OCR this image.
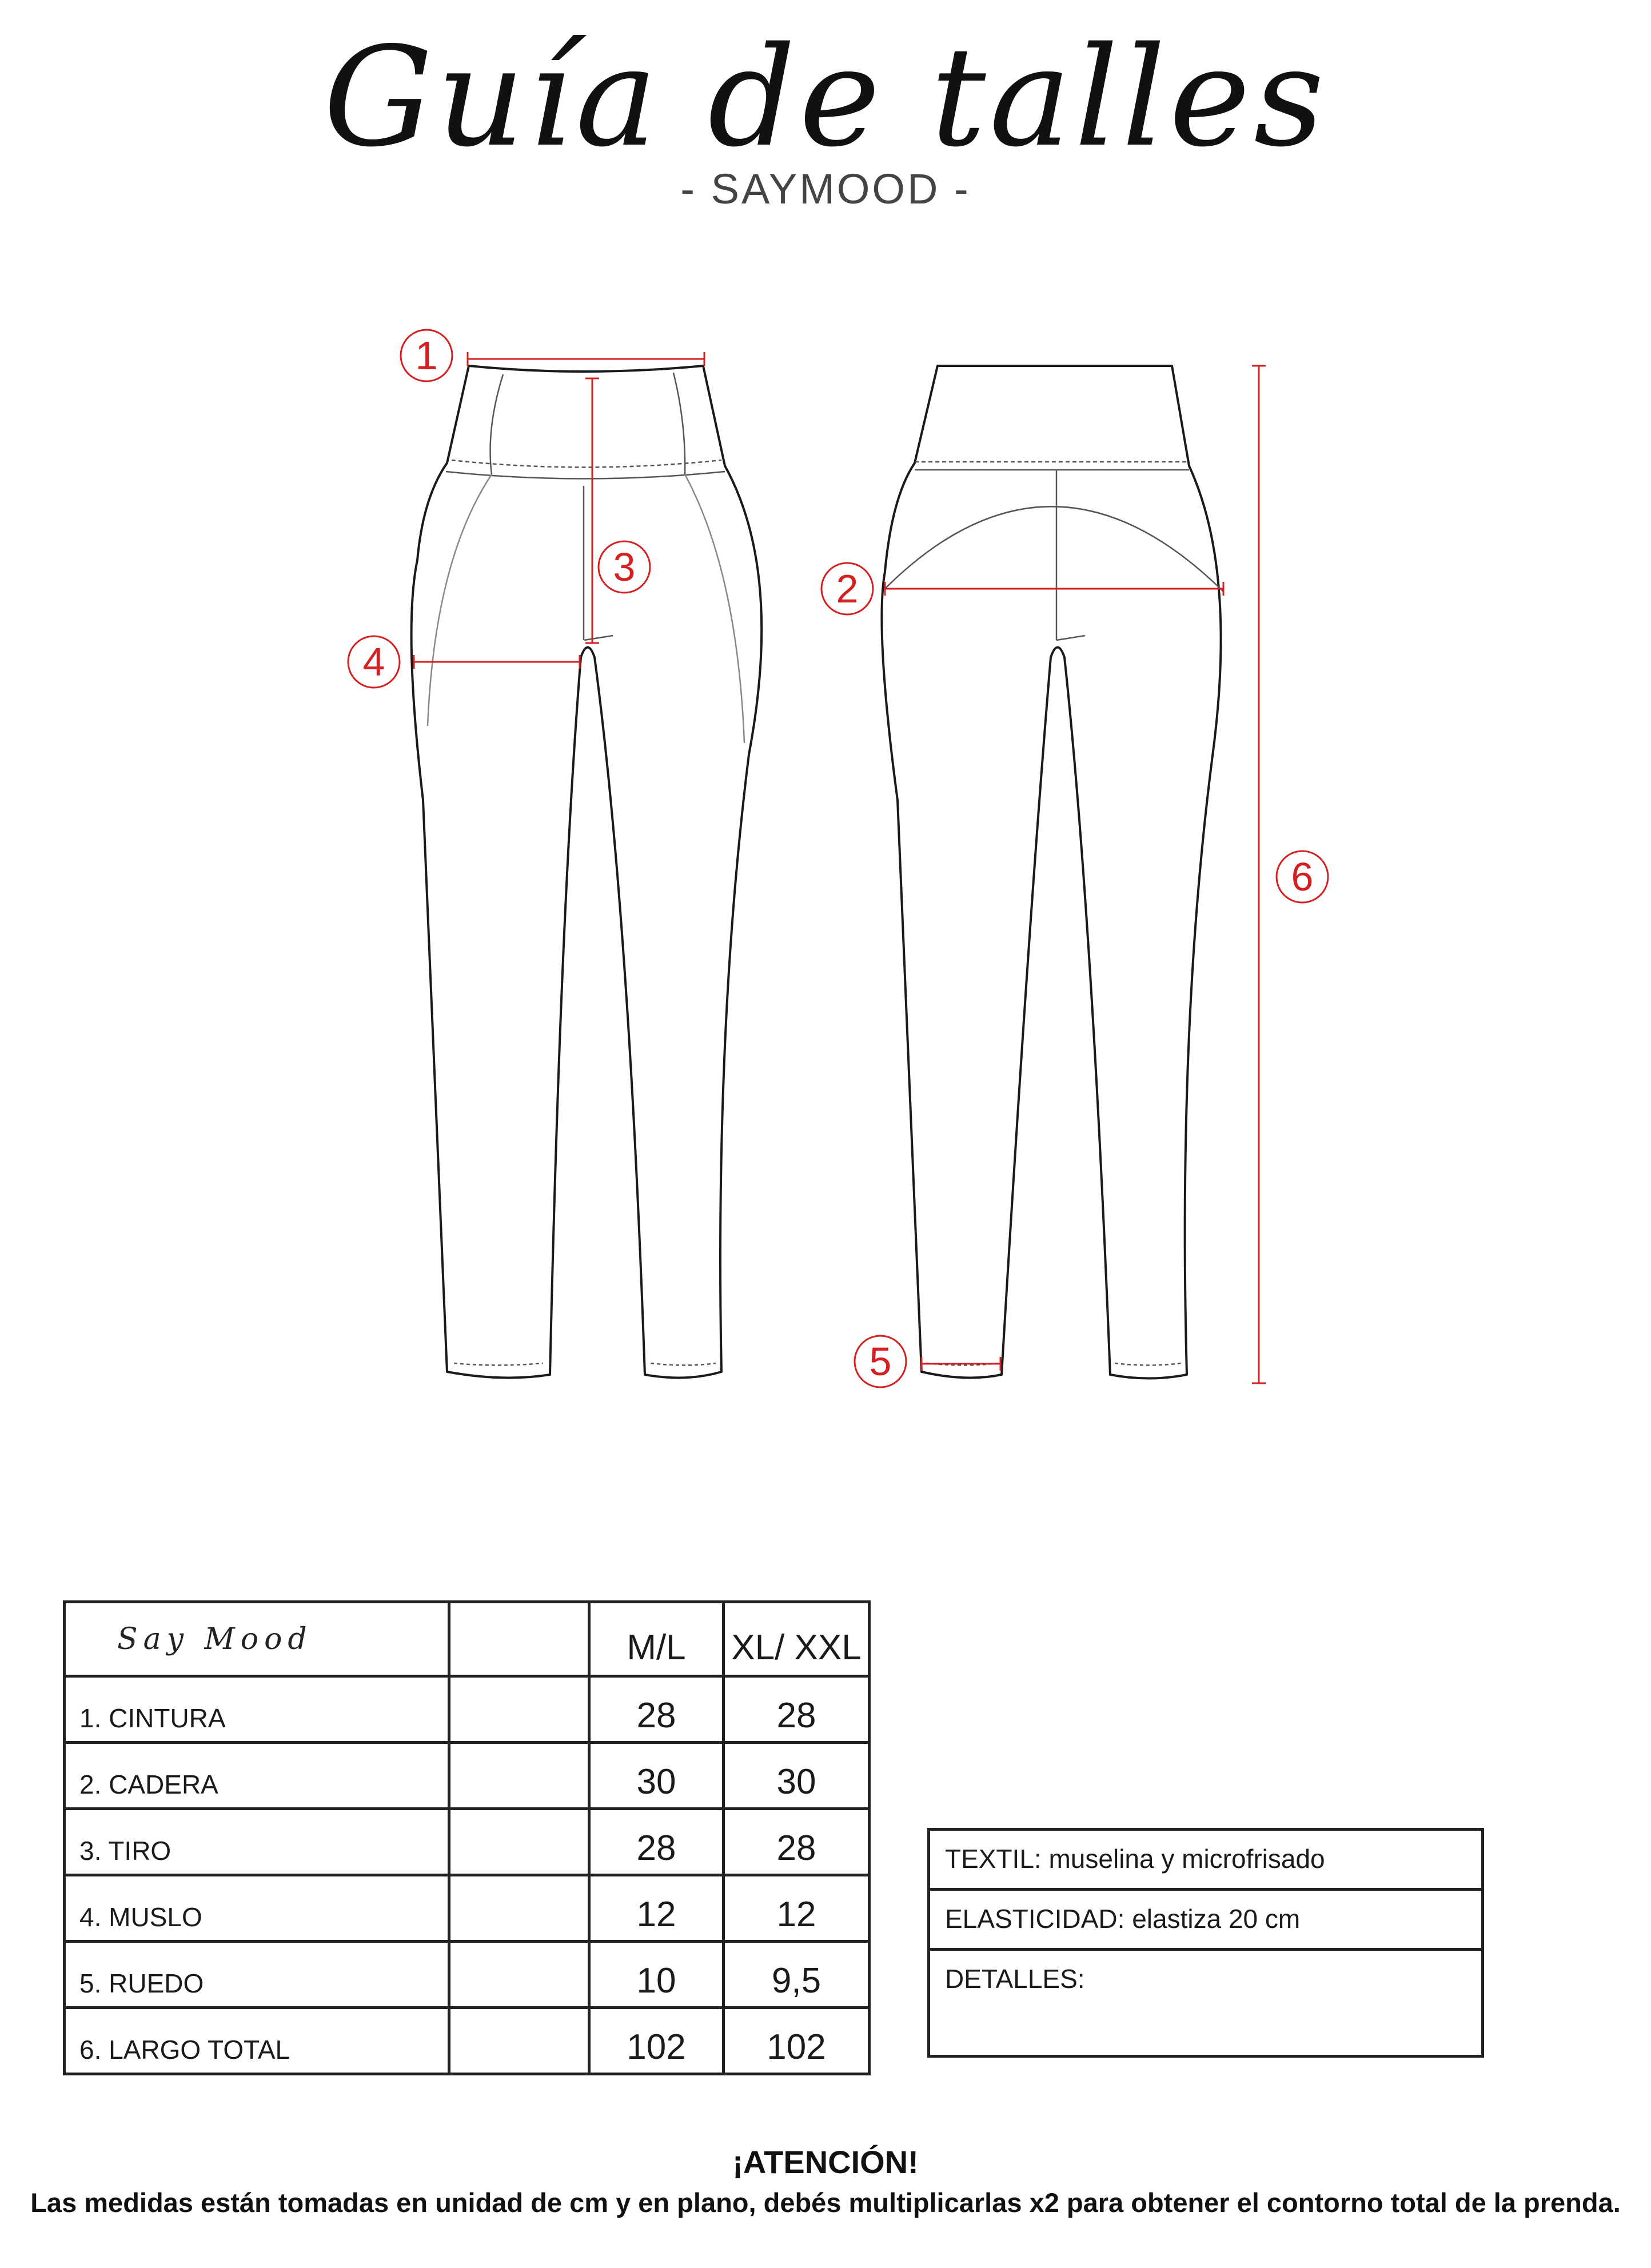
Guía de talles
- SAYMOOD -
1
2
3
4
5
6
Say Mood		M/L	XL/ XXL
1. CINTURA		28	28
2. CADERA		30	30
3. TIRO		28	28
4. MUSLO		12	12
5. RUEDO		10	9,5
6. LARGO TOTAL		102	102
TEXTIL: muselina y microfrisado
ELASTICIDAD: elastiza 20 cm
DETALLES:
¡ATENCIÓN!
Las medidas están tomadas en unidad de cm y en plano, debés multiplicarlas x2 para obtener el contorno total de la prenda.
